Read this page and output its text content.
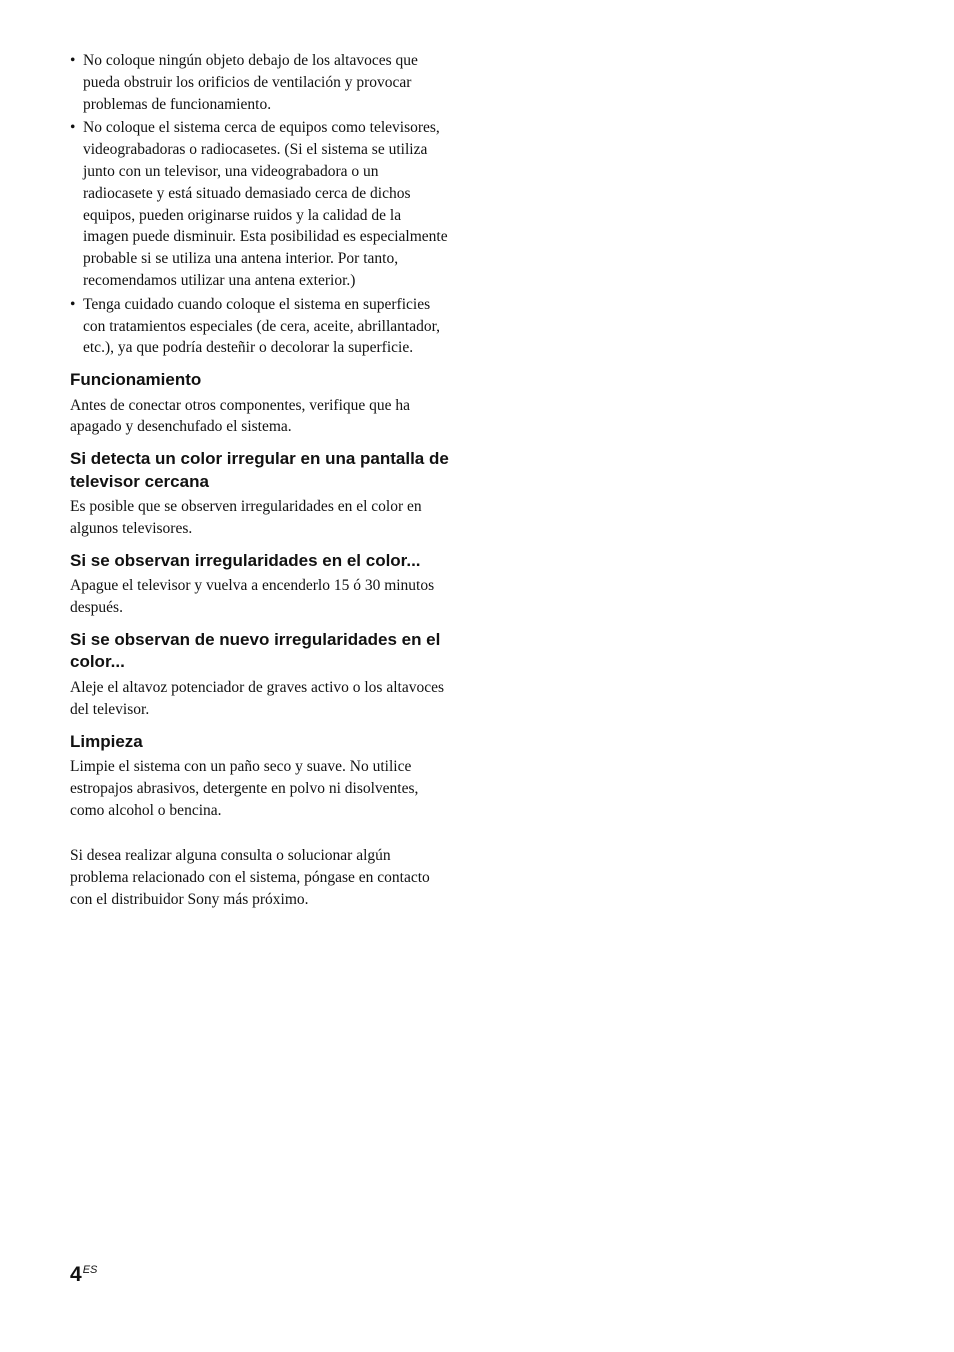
• No coloque ningún objeto debajo de los altavoces que pueda obstruir los orificios de ventilación y provocar problemas de funcionamiento.
• No coloque el sistema cerca de equipos como televisores, videograbadoras o radiocasetes. (Si el sistema se utiliza junto con un televisor, una videograbadora o un radiocasete y está situado demasiado cerca de dichos equipos, pueden originarse ruidos y la calidad de la imagen puede disminuir. Esta posibilidad es especialmente probable si se utiliza una antena interior. Por tanto, recomendamos utilizar una antena exterior.)
• Tenga cuidado cuando coloque el sistema en superficies con tratamientos especiales (de cera, aceite, abrillantador, etc.), ya que podría desteñir o decolorar la superficie.
Funcionamiento

Antes de conectar otros componentes, verifique que ha apagado y desenchufado el sistema.

Si detecta un color irregular en una pantalla de televisor cercana

Es posible que se observen irregularidades en el color en algunos televisores.

Si se observan irregularidades en el color...

Apague el televisor y vuelva a encenderlo 15 ó 30 minutos después.

Si se observan de nuevo irregularidades en el color...

Aleje el altavoz potenciador de graves activo o los altavoces del televisor.

Limpieza

Limpie el sistema con un paño seco y suave. No utilice estropajos abrasivos, detergente en polvo ni disolventes, como alcohol o bencina.

Si desea realizar alguna consulta o solucionar algún problema relacionado con el sistema, póngase en contacto con el distribuidor Sony más próximo.

$4^{ES}$
